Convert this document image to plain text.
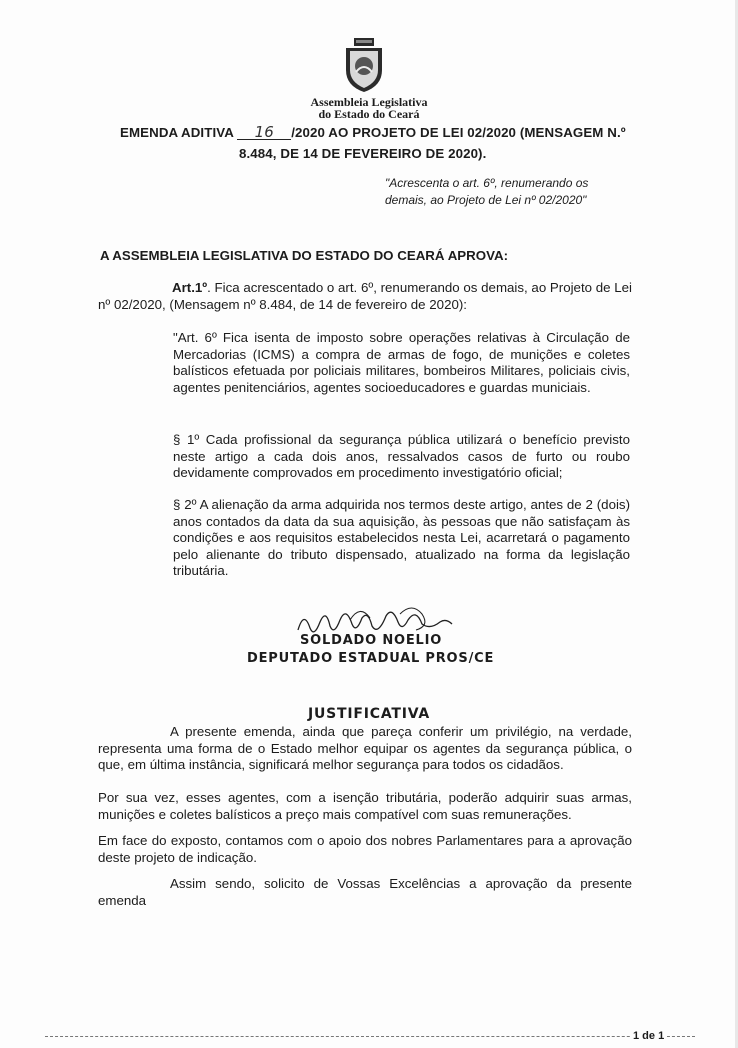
Assembleia Legislativa
do Estado do Ceará
EMENDA ADITIVA 16 /2020 AO PROJETO DE LEI 02/2020 (MENSAGEM N.º
8.484, DE 14 DE FEVEREIRO DE 2020).
"Acrescenta o art. 6º, renumerando os
demais, ao Projeto de Lei nº 02/2020"
A ASSEMBLEIA LEGISLATIVA DO ESTADO DO CEARÁ APROVA:
Art.1º. Fica acrescentado o art. 6º, renumerando os demais, ao Projeto de Lei nº 02/2020, (Mensagem nº 8.484, de 14 de fevereiro de 2020):
"Art. 6º Fica isenta de imposto sobre operações relativas à Circulação de Mercadorias (ICMS) a compra de armas de fogo, de munições e coletes balísticos efetuada por policiais militares, bombeiros Militares, policiais civis, agentes penitenciários, agentes socioeducadores e guardas municiais.
§ 1º Cada profissional da segurança pública utilizará o benefício previsto neste artigo a cada dois anos, ressalvados casos de furto ou roubo devidamente comprovados em procedimento investigatório oficial;
§ 2º A alienação da arma adquirida nos termos deste artigo, antes de 2 (dois) anos contados da data da sua aquisição, às pessoas que não satisfaçam às condições e aos requisitos estabelecidos nesta Lei, acarretará o pagamento pelo alienante do tributo dispensado, atualizado na forma da legislação tributária.
SOLDADO NOELIO
DEPUTADO ESTADUAL PROS/CE
JUSTIFICATIVA
A presente emenda, ainda que pareça conferir um privilégio, na verdade, representa uma forma de o Estado melhor equipar os agentes da segurança pública, o que, em última instância, significará melhor segurança para todos os cidadãos.
Por sua vez, esses agentes, com a isenção tributária, poderão adquirir suas armas, munições e coletes balísticos a preço mais compatível com suas remunerações.
Em face do exposto, contamos com o apoio dos nobres Parlamentares para a aprovação deste projeto de indicação.
Assim sendo, solicito de Vossas Excelências a aprovação da presente emenda
1 de 1
